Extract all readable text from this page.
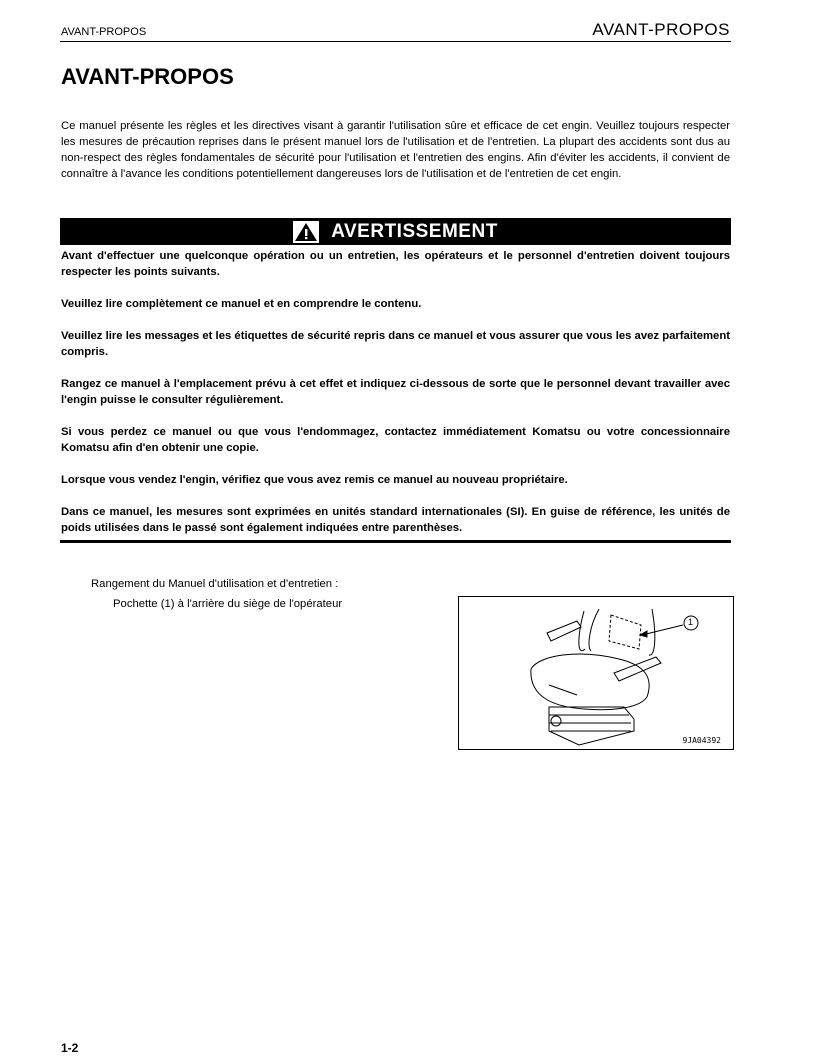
AVANT-PROPOS	AVANT-PROPOS
AVANT-PROPOS
Ce manuel présente les règles et les directives visant à garantir l'utilisation sûre et efficace de cet engin. Veuillez toujours respecter les mesures de précaution reprises dans le présent manuel lors de l'utilisation et de l'entretien. La plupart des accidents sont dus au non-respect des règles fondamentales de sécurité pour l'utilisation et l'entretien des engins. Afin d'éviter les accidents, il convient de connaître à l'avance les conditions potentiellement dangereuses lors de l'utilisation et de l'entretien de cet engin.
AVERTISSEMENT

Avant d'effectuer une quelconque opération ou un entretien, les opérateurs et le personnel d'entretien doivent toujours respecter les points suivants.

Veuillez lire complètement ce manuel et en comprendre le contenu.

Veuillez lire les messages et les étiquettes de sécurité repris dans ce manuel et vous assurer que vous les avez parfaitement compris.

Rangez ce manuel à l'emplacement prévu à cet effet et indiquez ci-dessous de sorte que le personnel devant travailler avec l'engin puisse le consulter régulièrement.

Si vous perdez ce manuel ou que vous l'endommagez, contactez immédiatement Komatsu ou votre concessionnaire Komatsu afin d'en obtenir une copie.

Lorsque vous vendez l'engin, vérifiez que vous avez remis ce manuel au nouveau propriétaire.

Dans ce manuel, les mesures sont exprimées en unités standard internationales (SI). En guise de référence, les unités de poids utilisées dans le passé sont également indiquées entre parenthèses.

Rangement du Manuel d'utilisation et d'entretien :
Pochette (1) à l'arrière du siège de l'opérateur
1
9JA04392
1-2
